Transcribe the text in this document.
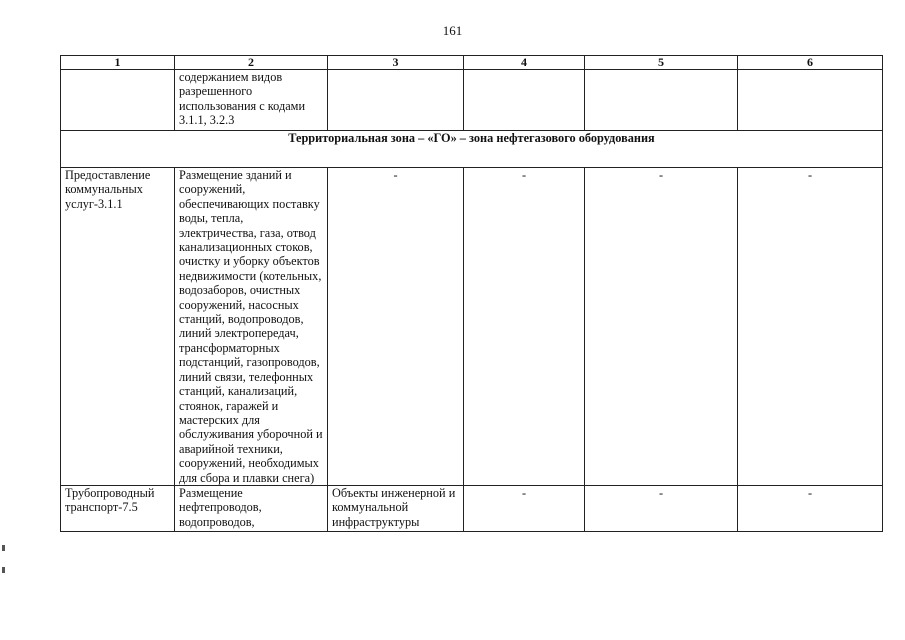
161
1	2	3	4	5	6
	содержанием видов разрешенного использования с кодами 3.1.1, 3.2.3				
Территориальная зона – «ГО» – зона нефтегазового оборудования					
Предоставление коммунальных услуг-3.1.1	Размещение зданий и сооружений, обеспечивающих поставку воды, тепла, электричества, газа, отвод канализационных стоков, очистку и уборку объектов недвижимости (котельных, водозаборов, очистных сооружений, насосных станций, водопроводов, линий электропередач, трансформаторных подстанций, газопроводов, линий связи, телефонных станций, канализаций, стоянок, гаражей и мастерских для обслуживания уборочной и аварийной техники, сооружений, необходимых для сбора и плавки снега)	-	-	-	-
Трубопроводный транспорт-7.5	Размещение нефтепроводов, водопроводов,	Объекты инженерной и коммунальной инфраструктуры	-	-	-
